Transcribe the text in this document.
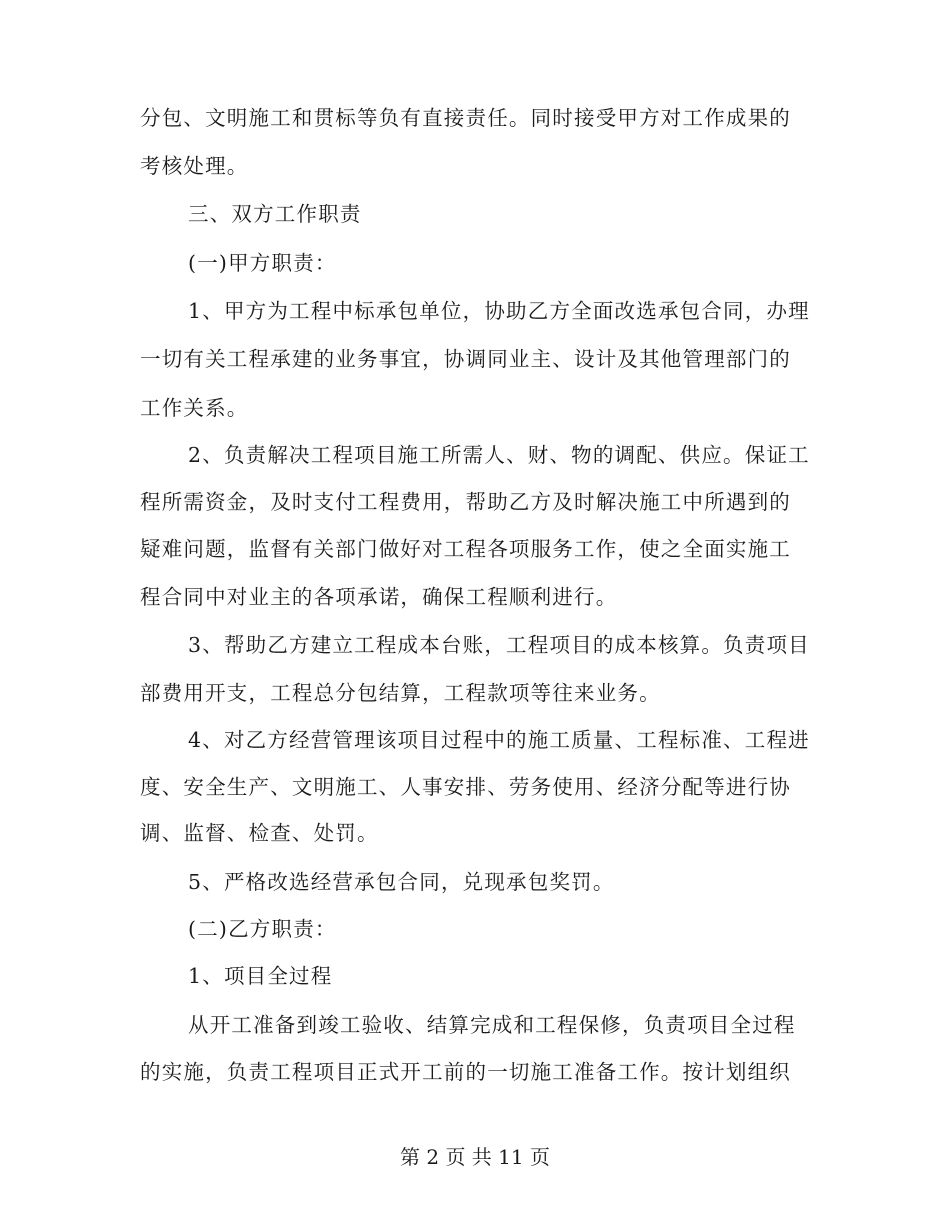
分包、文明施工和贯标等负有直接责任。同时接受甲方对工作成果的
考核处理。
三、双方工作职责
(一)甲方职责：
1、甲方为工程中标承包单位，协助乙方全面改选承包合同，办理
一切有关工程承建的业务事宜，协调同业主、设计及其他管理部门的
工作关系。
2、负责解决工程项目施工所需人、财、物的调配、供应。保证工
程所需资金，及时支付工程费用，帮助乙方及时解决施工中所遇到的
疑难问题，监督有关部门做好对工程各项服务工作，使之全面实施工
程合同中对业主的各项承诺，确保工程顺利进行。
3、帮助乙方建立工程成本台账，工程项目的成本核算。负责项目
部费用开支，工程总分包结算，工程款项等往来业务。
4、对乙方经营管理该项目过程中的施工质量、工程标准、工程进
度、安全生产、文明施工、人事安排、劳务使用、经济分配等进行协
调、监督、检查、处罚。
5、严格改选经营承包合同，兑现承包奖罚。
(二)乙方职责：
1、项目全过程
从开工准备到竣工验收、结算完成和工程保修，负责项目全过程
的实施，负责工程项目正式开工前的一切施工准备工作。按计划组织
第 2 页 共 11 页
